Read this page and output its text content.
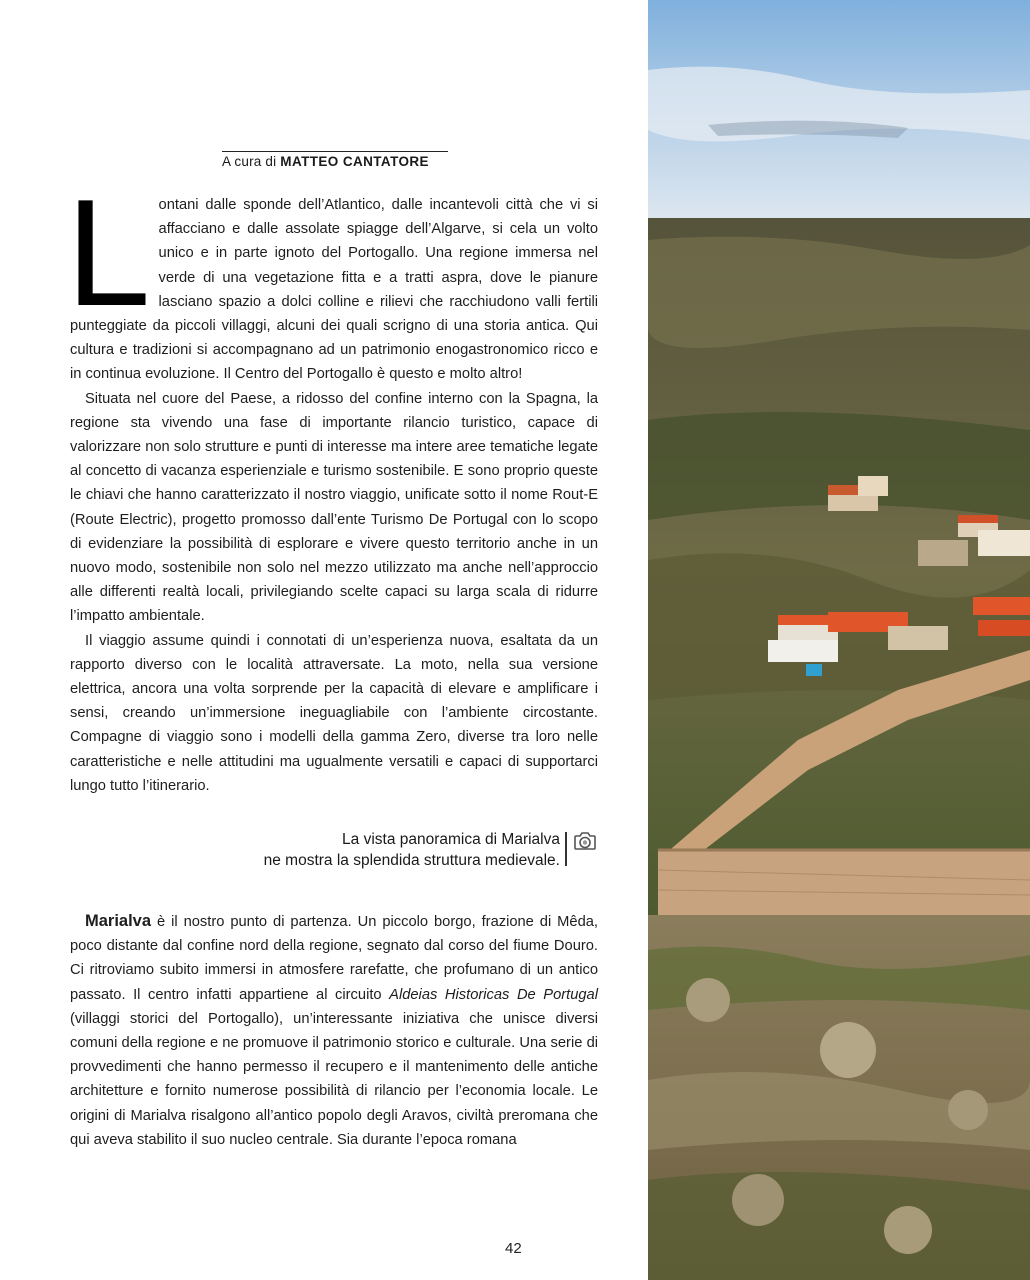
A cura di MATTEO CANTATORE

Lontani dalle sponde dell’Atlantico, dalle incantevoli città che vi si affacciano e dalle assolate spiagge dell’Algarve, si cela un volto unico e in parte ignoto del Portogallo. Una regione immersa nel verde di una vegetazione fitta e a tratti aspra, dove le pianure lasciano spazio a dolci colline e rilievi che racchiudono valli fertili punteggiate da piccoli villaggi, alcuni dei quali scrigno di una storia antica. Qui cultura e tradizioni si accompagnano ad un patrimonio enogastronomico ricco e in continua evoluzione. Il Centro del Portogallo è questo e molto altro!

Situata nel cuore del Paese, a ridosso del confine interno con la Spagna, la regione sta vivendo una fase di importante rilancio turistico, capace di valorizzare non solo strutture e punti di interesse ma intere aree tematiche legate al concetto di vacanza esperienziale e turismo sostenibile. E sono proprio queste le chiavi che hanno caratterizzato il nostro viaggio, unificate sotto il nome Rout-E (Route Electric), progetto promosso dall’ente Turismo De Portugal con lo scopo di evidenziare la possibilità di esplorare e vivere questo territorio anche in un nuovo modo, sostenibile non solo nel mezzo utilizzato ma anche nell’approccio alle differenti realtà locali, privilegiando scelte capaci su larga scala di ridurre l’impatto ambientale.

Il viaggio assume quindi i connotati di un’esperienza nuova, esaltata da un rapporto diverso con le località attraversate. La moto, nella sua versione elettrica, ancora una volta sorprende per la capacità di elevare e amplificare i sensi, creando un’immersione ineguagliabile con l’ambiente circostante. Compagne di viaggio sono i modelli della gamma Zero, diverse tra loro nelle caratteristiche e nelle attitudini ma ugualmente versatili e capaci di supportarci lungo tutto l’itinerario.

La vista panoramica di Marialva
ne mostra la splendida struttura medievale.

Marialva è il nostro punto di partenza. Un piccolo borgo, frazione di Mêda, poco distante dal confine nord della regione, segnato dal corso del fiume Douro. Ci ritroviamo subito immersi in atmosfere rarefatte, che profumano di un antico passato. Il centro infatti appartiene al circuito Aldeias Historicas De Portugal (villaggi storici del Portogallo), un’interessante iniziativa che unisce diversi comuni della regione e ne promuove il patrimonio storico e culturale. Una serie di provvedimenti che hanno permesso il recupero e il mantenimento delle antiche architetture e fornito numerose possibilità di rilancio per l’economia locale. Le origini di Marialva risalgono all’antico popolo degli Aravos, civiltà preromana che qui aveva stabilito il suo nucleo centrale. Sia durante l’epoca romana

42
